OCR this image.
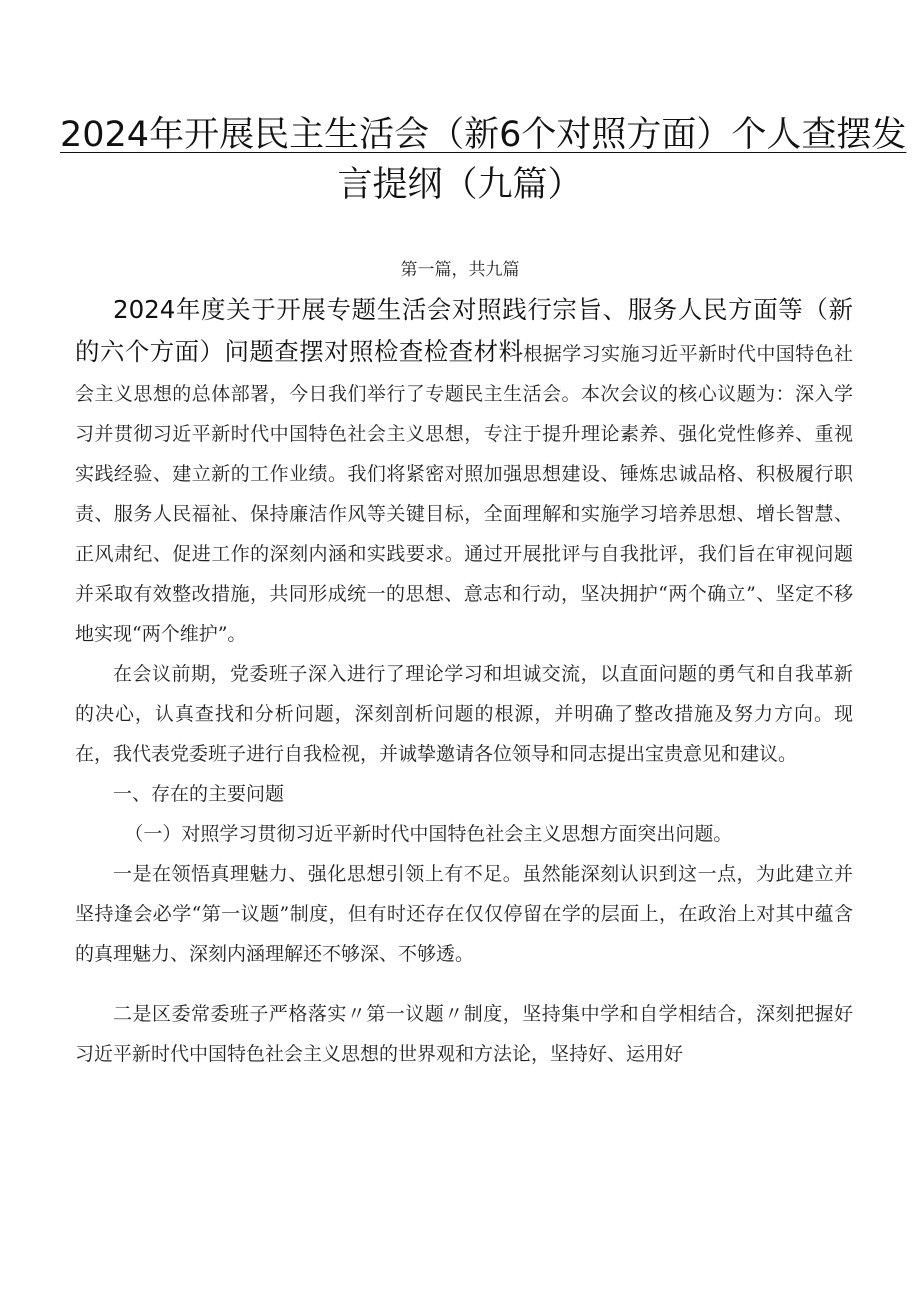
2024年开展民主生活会（新6个对照方面）个人查摆发
言提纲（九篇）
第一篇，共九篇

2024年度关于开展专题生活会对照践行宗旨、服务人民方面等（新的六个方面）问题查摆对照检查检查材料根据学习实施习近平新时代中国特色社会主义思想的总体部署，今日我们举行了专题民主生活会。本次会议的核心议题为：深入学习并贯彻习近平新时代中国特色社会主义思想，专注于提升理论素养、强化党性修养、重视实践经验、建立新的工作业绩。我们将紧密对照加强思想建设、锤炼忠诚品格、积极履行职责、服务人民福祉、保持廉洁作风等关键目标，全面理解和实施学习培养思想、增长智慧、正风肃纪、促进工作的深刻内涵和实践要求。通过开展批评与自我批评，我们旨在审视问题并采取有效整改措施，共同形成统一的思想、意志和行动，坚决拥护“两个确立”、坚定不移地实现“两个维护”。

在会议前期，党委班子深入进行了理论学习和坦诚交流，以直面问题的勇气和自我革新的决心，认真查找和分析问题，深刻剖析问题的根源，并明确了整改措施及努力方向。现在，我代表党委班子进行自我检视，并诚挚邀请各位领导和同志提出宝贵意见和建议。

一、存在的主要问题

（一）对照学习贯彻习近平新时代中国特色社会主义思想方面突出问题。

一是在领悟真理魅力、强化思想引领上有不足。虽然能深刻认识到这一点，为此建立并坚持逢会必学“第一议题”制度，但有时还存在仅仅停留在学的层面上，在政治上对其中蕴含的真理魅力、深刻内涵理解还不够深、不够透。

二是区委常委班子严格落实〃第一议题〃制度，坚持集中学和自学相结合，深刻把握好习近平新时代中国特色社会主义思想的世界观和方法论，坚持好、运用好
